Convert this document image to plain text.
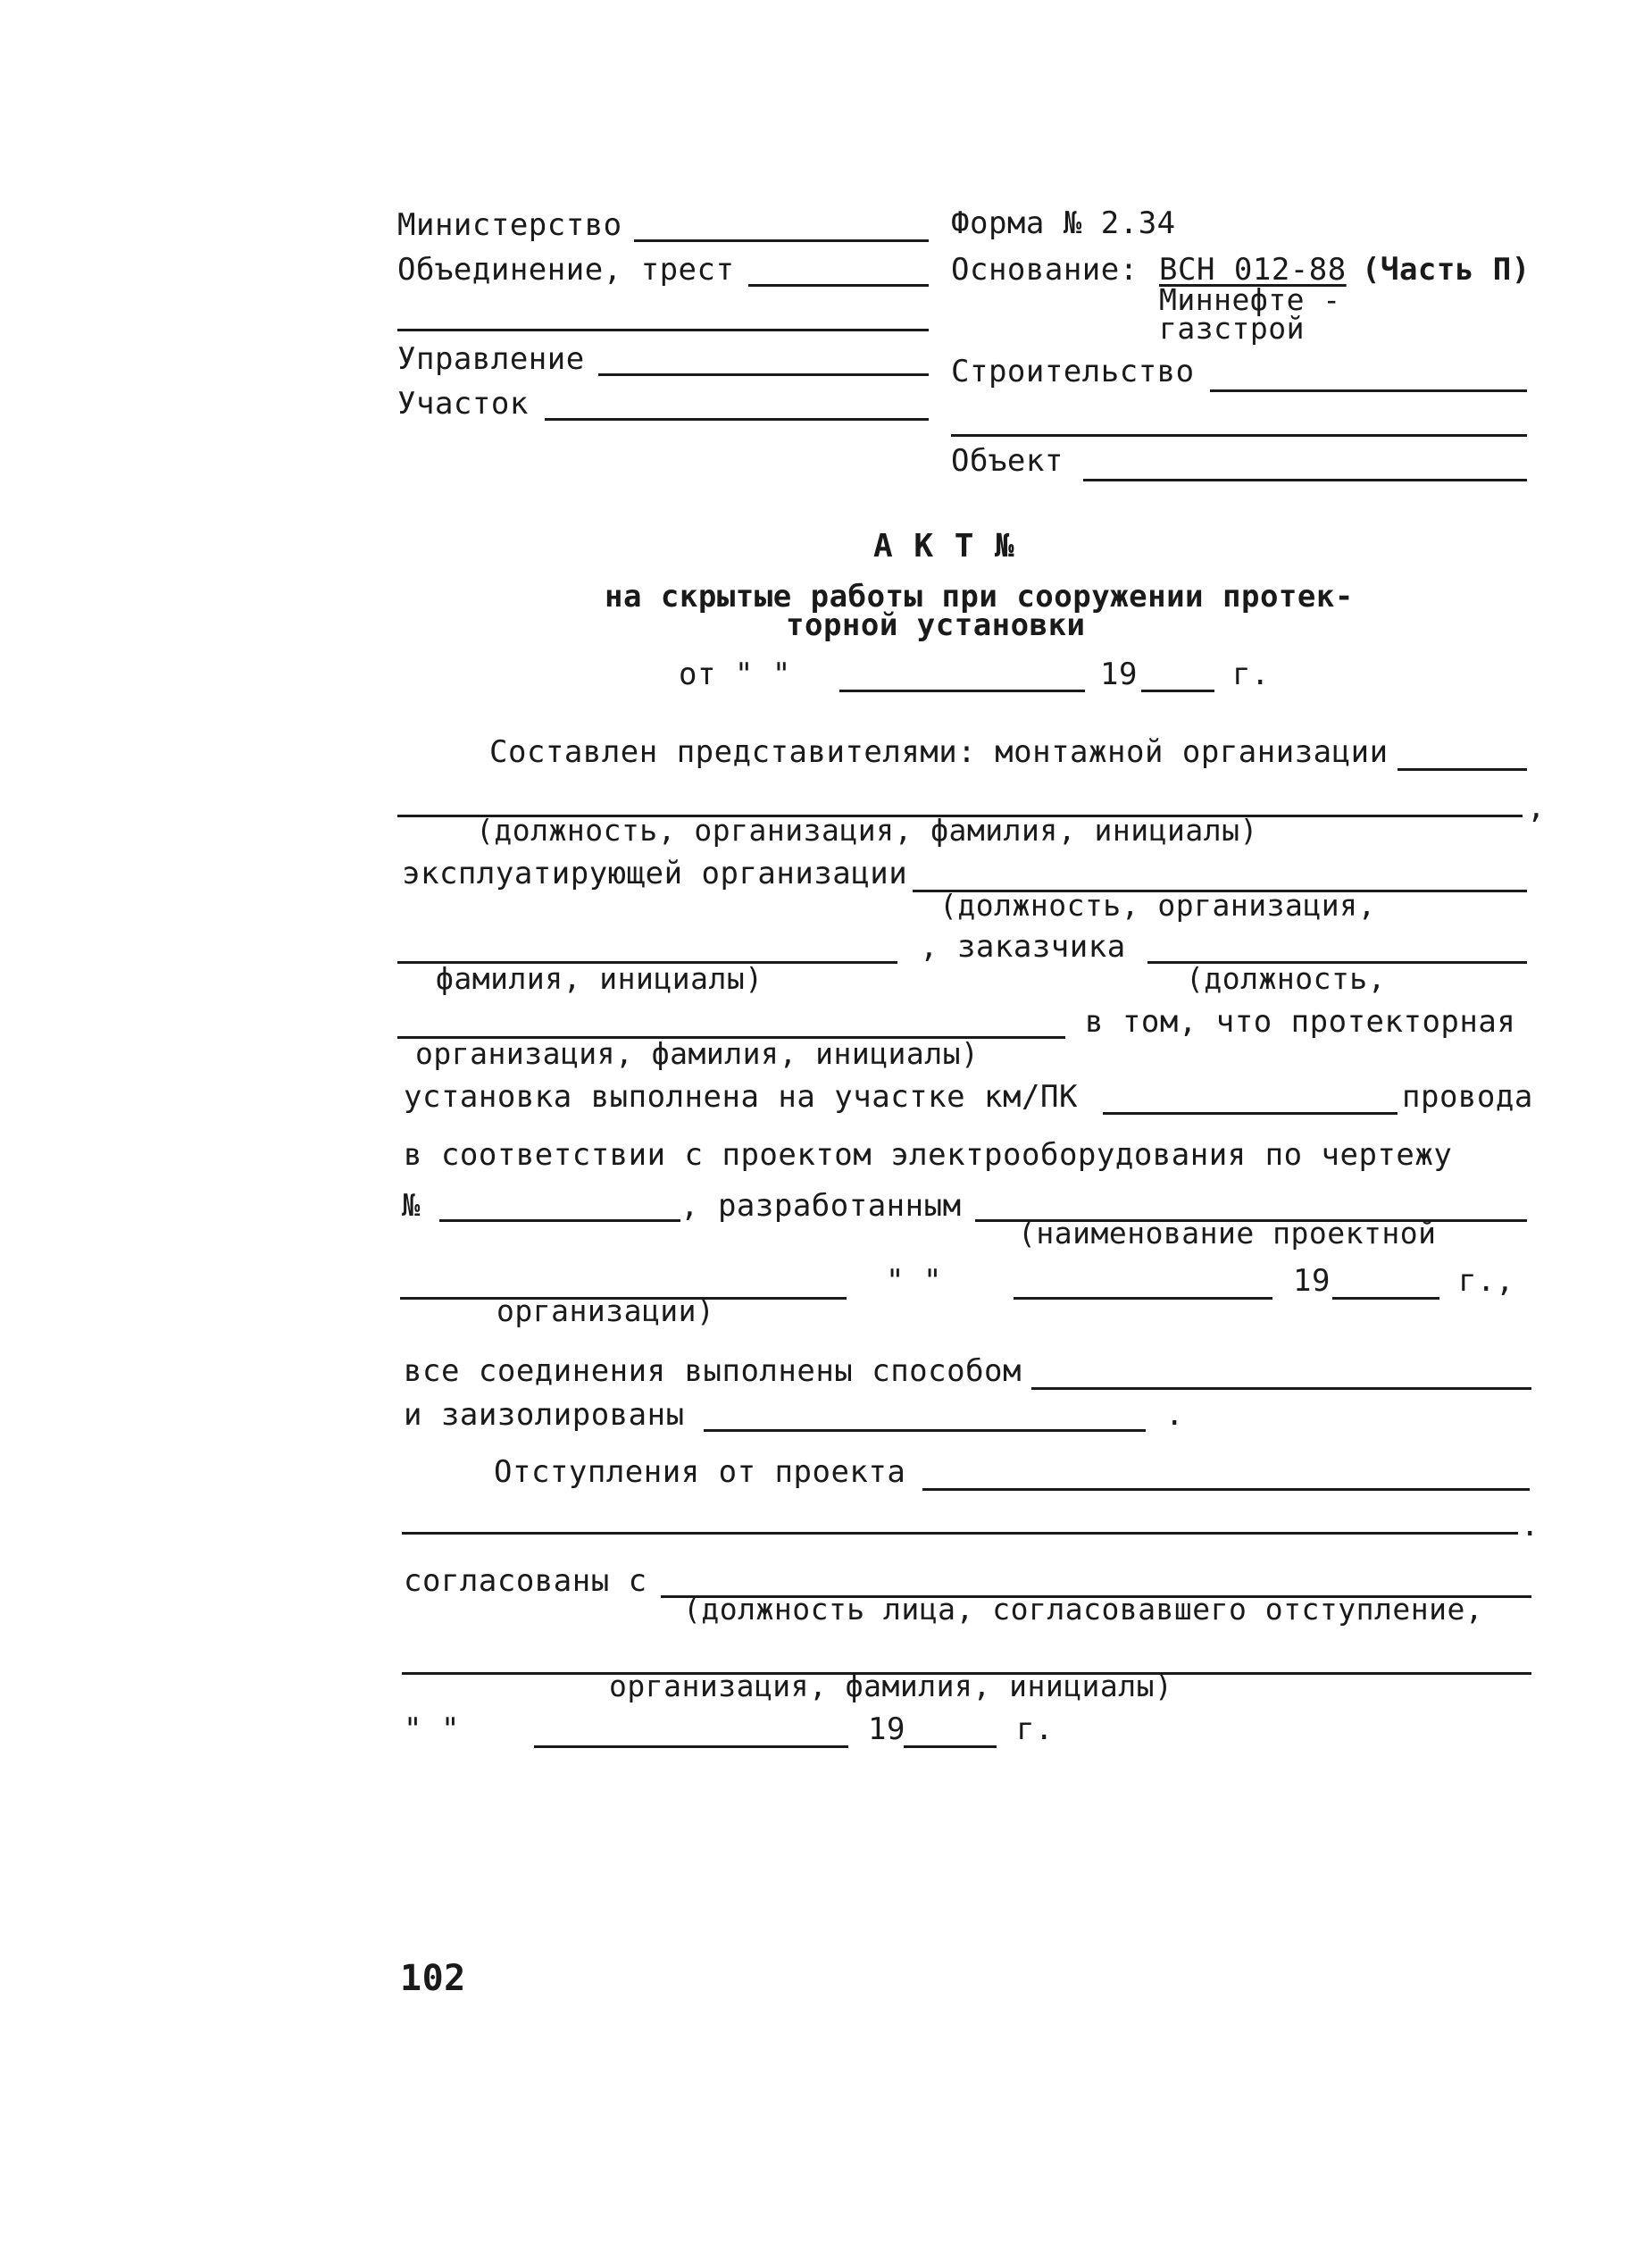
Министерство
Объединение, трест
Управление
Участок
Форма № 2.34
Основание: ВСН 012-88 (Часть П)
Миннефте -
газстрой
Строительство
Объект
А К Т №
на скрытые работы при сооружении протек-
торной установки
от " "	19	г.
Составлен представителями: монтажной организации
,
(должность, организация, фамилия, инициалы)
эксплуатирующей организации
(должность, организация,
фамилия, инициалы)
, заказчика
(должность,
организация, фамилия, инициалы)
в том, что протекторная
установка выполнена на участке км/ПК	провода
в соответствии с проектом электрооборудования по чертежу
№	, разработанным
(наименование проектной
организации)
" "	19	г.,
все соединения выполнены способом
и заизолированы	.
Отступления от проекта
.
согласованы с
(должность лица, согласовавшего отступление,
организация, фамилия, инициалы)
" "	19	г.
102
